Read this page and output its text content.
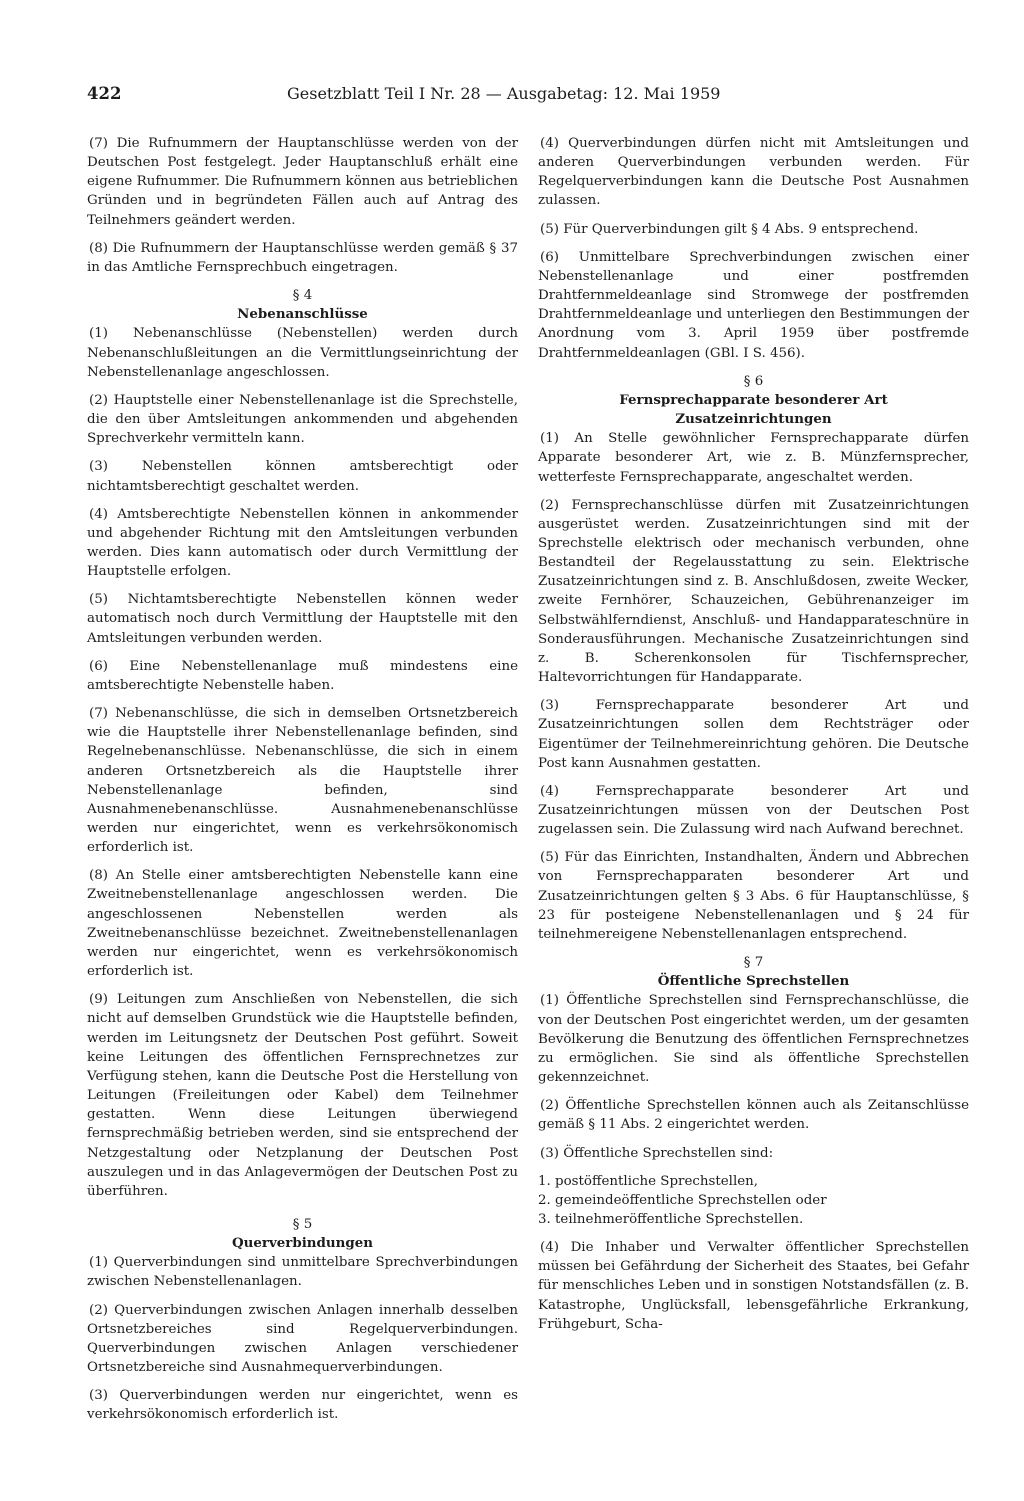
422	Gesetzblatt Teil I Nr. 28 — Ausgabetag: 12. Mai 1959

(7) Die Rufnummern der Hauptanschlüsse werden von der Deutschen Post festgelegt. Jeder Hauptanschluß erhält eine eigene Rufnummer. Die Rufnummern können aus betrieblichen Gründen und in begründeten Fällen auch auf Antrag des Teilnehmers geändert werden.

(8) Die Rufnummern der Hauptanschlüsse werden gemäß § 37 in das Amtliche Fernsprechbuch eingetragen.

§ 4
Nebenanschlüsse

(1) Nebenanschlüsse (Nebenstellen) werden durch Nebenanschlußleitungen an die Vermittlungseinrichtung der Nebenstellenanlage angeschlossen.

(2) Hauptstelle einer Nebenstellenanlage ist die Sprechstelle, die den über Amtsleitungen ankommenden und abgehenden Sprechverkehr vermitteln kann.

(3) Nebenstellen können amtsberechtigt oder nichtamtsberechtigt geschaltet werden.

(4) Amtsberechtigte Nebenstellen können in ankommender und abgehender Richtung mit den Amtsleitungen verbunden werden. Dies kann automatisch oder durch Vermittlung der Hauptstelle erfolgen.

(5) Nichtamtsberechtigte Nebenstellen können weder automatisch noch durch Vermittlung der Hauptstelle mit den Amtsleitungen verbunden werden.

(6) Eine Nebenstellenanlage muß mindestens eine amtsberechtigte Nebenstelle haben.

(7) Nebenanschlüsse, die sich in demselben Ortsnetzbereich wie die Hauptstelle ihrer Nebenstellenanlage befinden, sind Regelnebenanschlüsse. Nebenanschlüsse, die sich in einem anderen Ortsnetzbereich als die Hauptstelle ihrer Nebenstellenanlage befinden, sind Ausnahmenebenanschlüsse. Ausnahmenebenanschlüsse werden nur eingerichtet, wenn es verkehrsökonomisch erforderlich ist.

(8) An Stelle einer amtsberechtigten Nebenstelle kann eine Zweitnebenstellenanlage angeschlossen werden. Die angeschlossenen Nebenstellen werden als Zweitnebenanschlüsse bezeichnet. Zweitnebenstellenanlagen werden nur eingerichtet, wenn es verkehrsökonomisch erforderlich ist.

(9) Leitungen zum Anschließen von Nebenstellen, die sich nicht auf demselben Grundstück wie die Hauptstelle befinden, werden im Leitungsnetz der Deutschen Post geführt. Soweit keine Leitungen des öffentlichen Fernsprechnetzes zur Verfügung stehen, kann die Deutsche Post die Herstellung von Leitungen (Freileitungen oder Kabel) dem Teilnehmer gestatten. Wenn diese Leitungen überwiegend fernsprechmäßig betrieben werden, sind sie entsprechend der Netzgestaltung oder Netzplanung der Deutschen Post auszulegen und in das Anlagevermögen der Deutschen Post zu überführen.

§ 5
Querverbindungen

(1) Querverbindungen sind unmittelbare Sprechverbindungen zwischen Nebenstellenanlagen.

(2) Querverbindungen zwischen Anlagen innerhalb desselben Ortsnetzbereiches sind Regelquerverbindungen. Querverbindungen zwischen Anlagen verschiedener Ortsnetzbereiche sind Ausnahmequerverbindungen.

(3) Querverbindungen werden nur eingerichtet, wenn es verkehrsökonomisch erforderlich ist.

(4) Querverbindungen dürfen nicht mit Amtsleitungen und anderen Querverbindungen verbunden werden. Für Regelquerverbindungen kann die Deutsche Post Ausnahmen zulassen.

(5) Für Querverbindungen gilt § 4 Abs. 9 entsprechend.

(6) Unmittelbare Sprechverbindungen zwischen einer Nebenstellenanlage und einer postfremden Drahtfernmeldeanlage sind Stromwege der postfremden Drahtfernmeldeanlage und unterliegen den Bestimmungen der Anordnung vom 3. April 1959 über postfremde Drahtfernmeldeanlagen (GBl. I S. 456).

§ 6
Fernsprechapparate besonderer Art
Zusatzeinrichtungen

(1) An Stelle gewöhnlicher Fernsprechapparate dürfen Apparate besonderer Art, wie z. B. Münzfernsprecher, wetterfeste Fernsprechapparate, angeschaltet werden.

(2) Fernsprechanschlüsse dürfen mit Zusatzeinrichtungen ausgerüstet werden. Zusatzeinrichtungen sind mit der Sprechstelle elektrisch oder mechanisch verbunden, ohne Bestandteil der Regelausstattung zu sein. Elektrische Zusatzeinrichtungen sind z. B. Anschlußdosen, zweite Wecker, zweite Fernhörer, Schauzeichen, Gebührenanzeiger im Selbstwählferndienst, Anschluß- und Handapparateschnüre in Sonderausführungen. Mechanische Zusatzeinrichtungen sind z. B. Scherenkonsolen für Tischfernsprecher, Haltevorrichtungen für Handapparate.

(3) Fernsprechapparate besonderer Art und Zusatzeinrichtungen sollen dem Rechtsträger oder Eigentümer der Teilnehmereinrichtung gehören. Die Deutsche Post kann Ausnahmen gestatten.

(4) Fernsprechapparate besonderer Art und Zusatzeinrichtungen müssen von der Deutschen Post zugelassen sein. Die Zulassung wird nach Aufwand berechnet.

(5) Für das Einrichten, Instandhalten, Ändern und Abbrechen von Fernsprechapparaten besonderer Art und Zusatzeinrichtungen gelten § 3 Abs. 6 für Hauptanschlüsse, § 23 für posteigene Nebenstellenanlagen und § 24 für teilnehmereigene Nebenstellenanlagen entsprechend.

§ 7
Öffentliche Sprechstellen

(1) Öffentliche Sprechstellen sind Fernsprechanschlüsse, die von der Deutschen Post eingerichtet werden, um der gesamten Bevölkerung die Benutzung des öffentlichen Fernsprechnetzes zu ermöglichen. Sie sind als öffentliche Sprechstellen gekennzeichnet.

(2) Öffentliche Sprechstellen können auch als Zeitanschlüsse gemäß § 11 Abs. 2 eingerichtet werden.

(3) Öffentliche Sprechstellen sind:

1. postöffentliche Sprechstellen,
2. gemeindeöffentliche Sprechstellen oder
3. teilnehmeröffentliche Sprechstellen.

(4) Die Inhaber und Verwalter öffentlicher Sprechstellen müssen bei Gefährdung der Sicherheit des Staates, bei Gefahr für menschliches Leben und in sonstigen Notstandsfällen (z. B. Katastrophe, Unglücksfall, lebensgefährliche Erkrankung, Frühgeburt, Scha-
